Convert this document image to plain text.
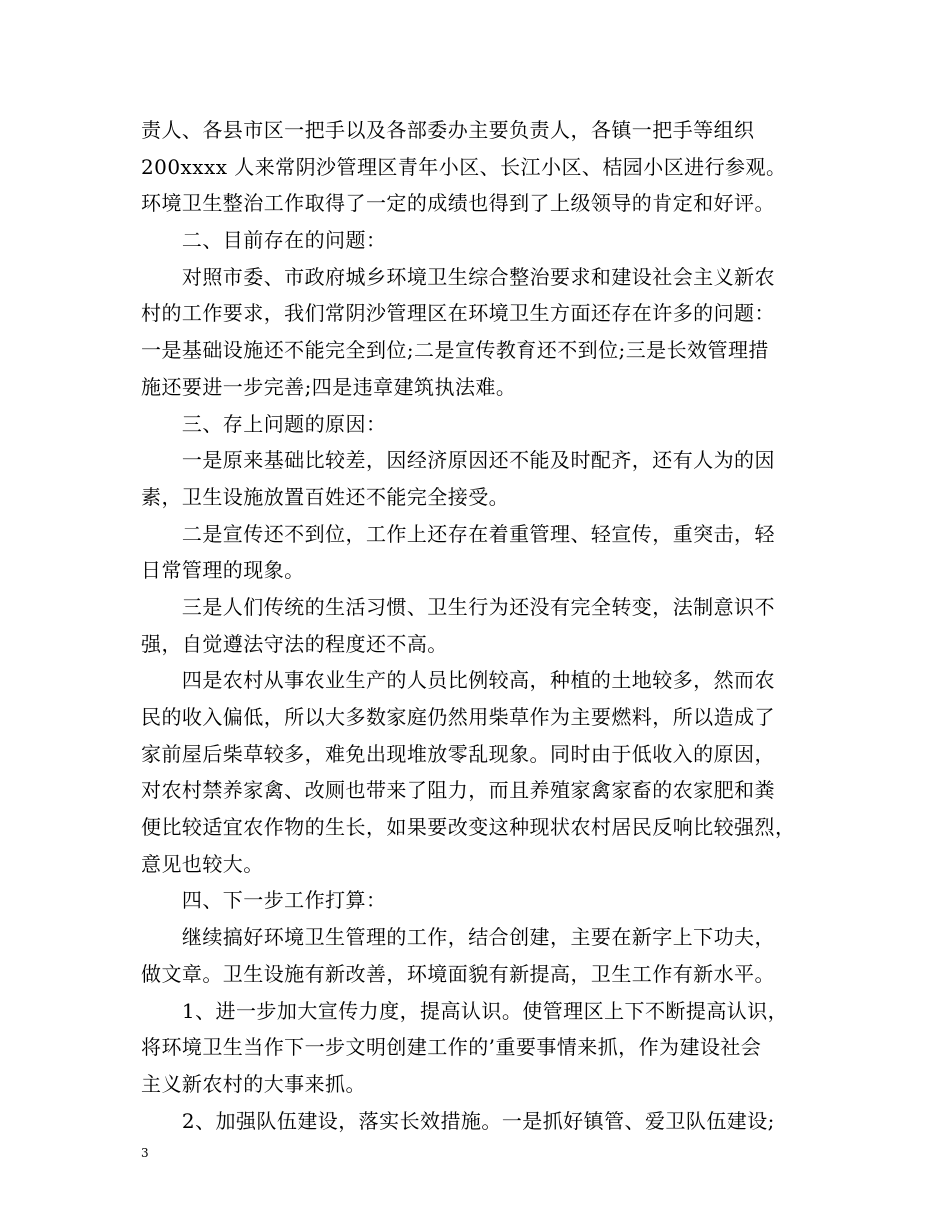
责人、各县市区一把手以及各部委办主要负责人，各镇一把手等组织
200xxxx 人来常阴沙管理区青年小区、长江小区、桔园小区进行参观。
环境卫生整治工作取得了一定的成绩也得到了上级领导的肯定和好评。
　　二、目前存在的问题：
　　对照市委、市政府城乡环境卫生综合整治要求和建设社会主义新农
村的工作要求，我们常阴沙管理区在环境卫生方面还存在许多的问题：
一是基础设施还不能完全到位;二是宣传教育还不到位;三是长效管理措
施还要进一步完善;四是违章建筑执法难。
　　三、存上问题的原因：
　　一是原来基础比较差，因经济原因还不能及时配齐，还有人为的因
素，卫生设施放置百姓还不能完全接受。
　　二是宣传还不到位，工作上还存在着重管理、轻宣传，重突击，轻
日常管理的现象。
　　三是人们传统的生活习惯、卫生行为还没有完全转变，法制意识不
强，自觉遵法守法的程度还不高。
　　四是农村从事农业生产的人员比例较高，种植的土地较多，然而农
民的收入偏低，所以大多数家庭仍然用柴草作为主要燃料，所以造成了
家前屋后柴草较多，难免出现堆放零乱现象。同时由于低收入的原因，
对农村禁养家禽、改厕也带来了阻力，而且养殖家禽家畜的农家肥和粪
便比较适宜农作物的生长，如果要改变这种现状农村居民反响比较强烈，
意见也较大。
　　四、下一步工作打算：
　　继续搞好环境卫生管理的工作，结合创建，主要在新字上下功夫，
做文章。卫生设施有新改善，环境面貌有新提高，卫生工作有新水平。
　　1、进一步加大宣传力度，提高认识。使管理区上下不断提高认识，
将环境卫生当作下一步文明创建工作的’重要事情来抓，作为建设社会
主义新农村的大事来抓。
　　2、加强队伍建设，落实长效措施。一是抓好镇管、爱卫队伍建设;
3
